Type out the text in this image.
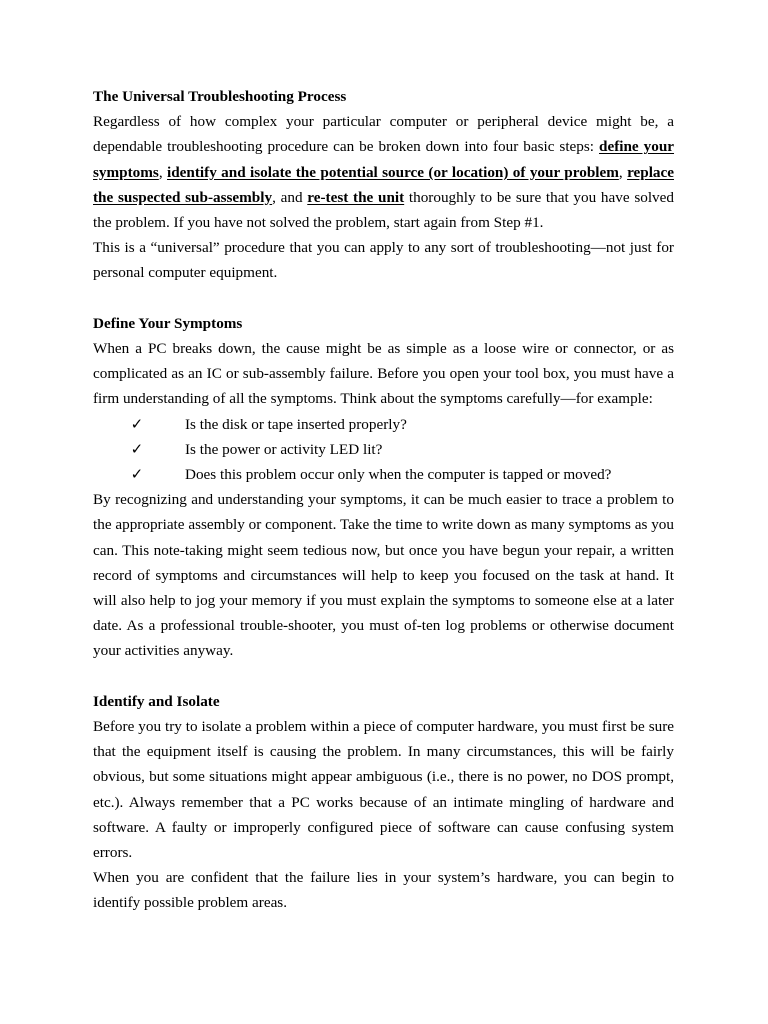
The Universal Troubleshooting Process

Regardless of how complex your particular computer or peripheral device might be, a dependable troubleshooting procedure can be broken down into four basic steps: define your symptoms, identify and isolate the potential source (or location) of your problem, replace the suspected sub-assembly, and re-test the unit thoroughly to be sure that you have solved the problem. If you have not solved the problem, start again from Step #1.

This is a “universal” procedure that you can apply to any sort of troubleshooting—not just for personal computer equipment.

Define Your Symptoms

When a PC breaks down, the cause might be as simple as a loose wire or connector, or as complicated as an IC or sub-assembly failure. Before you open your tool box, you must have a firm understanding of all the symptoms. Think about the symptoms carefully—for example:

✓	Is the disk or tape inserted properly?
✓	Is the power or activity LED lit?
✓	Does this problem occur only when the computer is tapped or moved?

By recognizing and understanding your symptoms, it can be much easier to trace a problem to the appropriate assembly or component. Take the time to write down as many symptoms as you can. This note-taking might seem tedious now, but once you have begun your repair, a written record of symptoms and circumstances will help to keep you focused on the task at hand. It will also help to jog your memory if you must explain the symptoms to someone else at a later date. As a professional trouble-shooter, you must of-ten log problems or otherwise document your activities anyway.

Identify and Isolate

Before you try to isolate a problem within a piece of computer hardware, you must first be sure that the equipment itself is causing the problem. In many circumstances, this will be fairly obvious, but some situations might appear ambiguous (i.e., there is no power, no DOS prompt, etc.). Always remember that a PC works because of an intimate mingling of hardware and software. A faulty or improperly configured piece of software can cause confusing system errors.

When you are confident that the failure lies in your system’s hardware, you can begin to identify possible problem areas.
